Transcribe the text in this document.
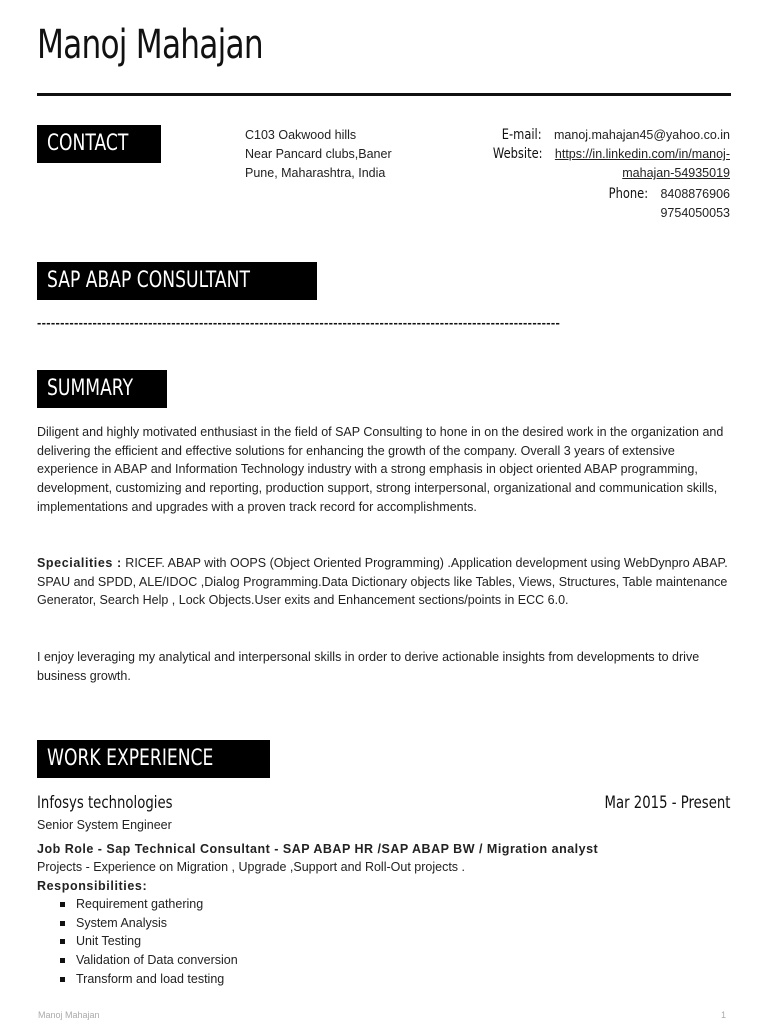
Manoj Mahajan
CONTACT	C103 Oakwood hills
Near Pancard clubs,Baner
Pune, Maharashtra, India
E-mail: manoj.mahajan45@yahoo.co.in
Website: https://in.linkedin.com/in/manoj-
mahajan-54935019
Phone: 8408876906
9754050053
SAP ABAP CONSULTANT
-----------------------------------------------------------------------------------------------------------------
SUMMARY

Diligent and highly motivated enthusiast in the field of SAP Consulting to hone in on the desired work in the organization and delivering the efficient and effective solutions for enhancing the growth of the company. Overall 3 years of extensive experience in ABAP and Information Technology industry with a strong emphasis in object oriented ABAP programming, development, customizing and reporting, production support, strong interpersonal, organizational and communication skills, implementations and upgrades with a proven track record for accomplishments.

Specialities : RICEF. ABAP with OOPS (Object Oriented Programming) .Application development using WebDynpro ABAP. SPAU and SPDD, ALE/IDOC ,Dialog Programming.Data Dictionary objects like Tables, Views, Structures, Table maintenance Generator, Search Help , Lock Objects.User exits and Enhancement sections/points in ECC 6.0.

I enjoy leveraging my analytical and interpersonal skills in order to derive actionable insights from developments to drive business growth.

WORK EXPERIENCE
Infosys technologies	Mar 2015 - Present

Senior System Engineer

Job Role - Sap Technical Consultant - SAP ABAP HR /SAP ABAP BW / Migration analyst

Projects - Experience on Migration , Upgrade ,Support and Roll-Out projects .

Responsibilities:

Requirement gathering
System Analysis
Unit Testing
Validation of Data conversion
Transform and load testing
Manoj Mahajan	1
